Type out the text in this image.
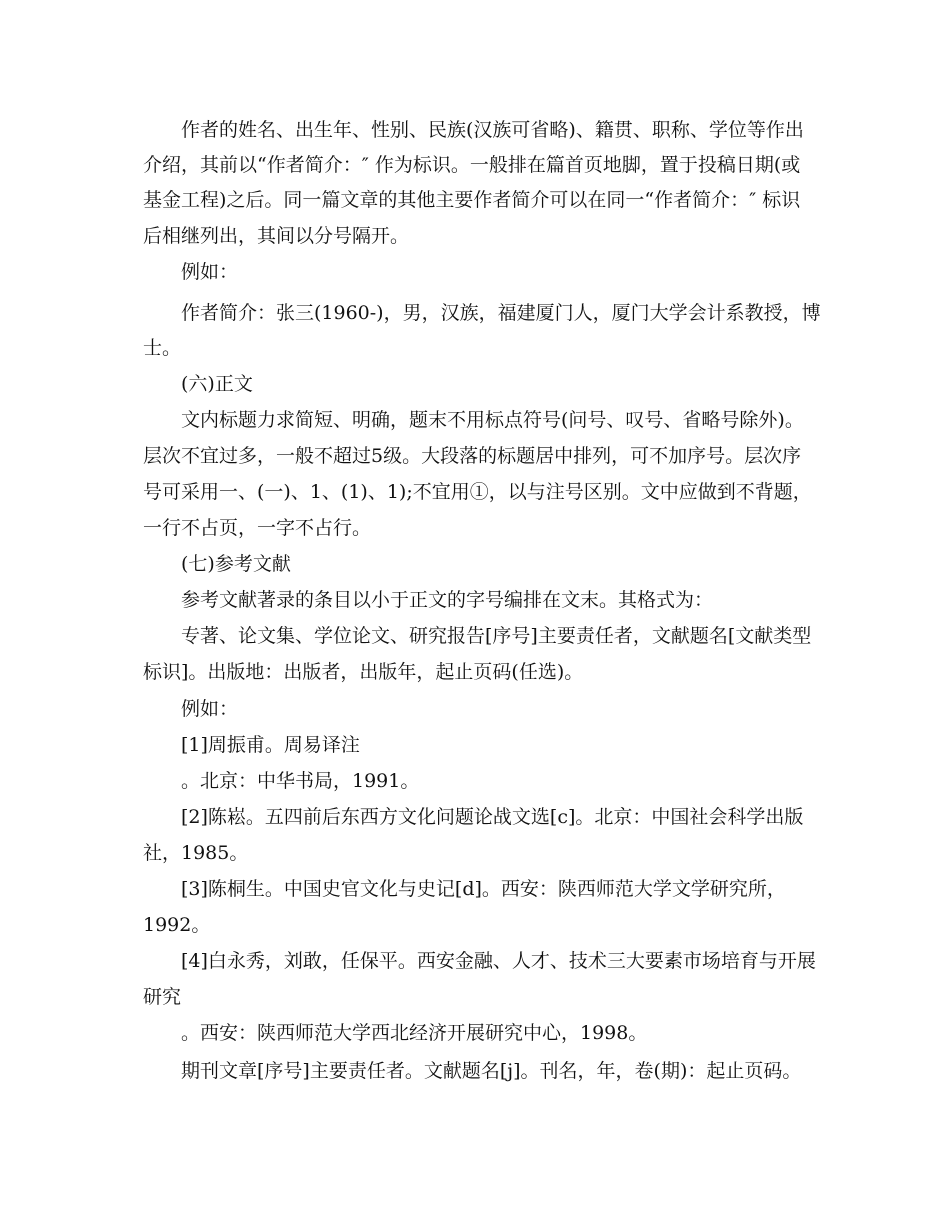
作者的姓名、出生年、性别、民族(汉族可省略)、籍贯、职称、学位等作出
介绍，其前以“作者简介：″ 作为标识。一般排在篇首页地脚，置于投稿日期(或
基金工程)之后。同一篇文章的其他主要作者简介可以在同一“作者简介：″ 标识
后相继列出，其间以分号隔开。
例如：
作者简介：张三(1960-)，男，汉族，福建厦门人，厦门大学会计系教授，博
士。
(六)正文
文内标题力求简短、明确，题末不用标点符号(问号、叹号、省略号除外)。
层次不宜过多，一般不超过5级。大段落的标题居中排列，可不加序号。层次序
号可采用一、(一)、1、(1)、1);不宜用①，以与注号区别。文中应做到不背题，
一行不占页，一字不占行。
(七)参考文献
参考文献著录的条目以小于正文的字号编排在文末。其格式为：
专著、论文集、学位论文、研究报告[序号]主要责任者，文献题名[文献类型
标识]。出版地：出版者，出版年，起止页码(任选)。
例如：
[1]周振甫。周易译注
。北京：中华书局，1991。
[2]陈崧。五四前后东西方文化问题论战文选[c]。北京：中国社会科学出版
社，1985。
[3]陈桐生。中国史官文化与史记[d]。西安：陕西师范大学文学研究所，
1992。
[4]白永秀，刘敢，任保平。西安金融、人才、技术三大要素市场培育与开展
研究
。西安：陕西师范大学西北经济开展研究中心，1998。
期刊文章[序号]主要责任者。文献题名[j]。刊名，年，卷(期)：起止页码。
